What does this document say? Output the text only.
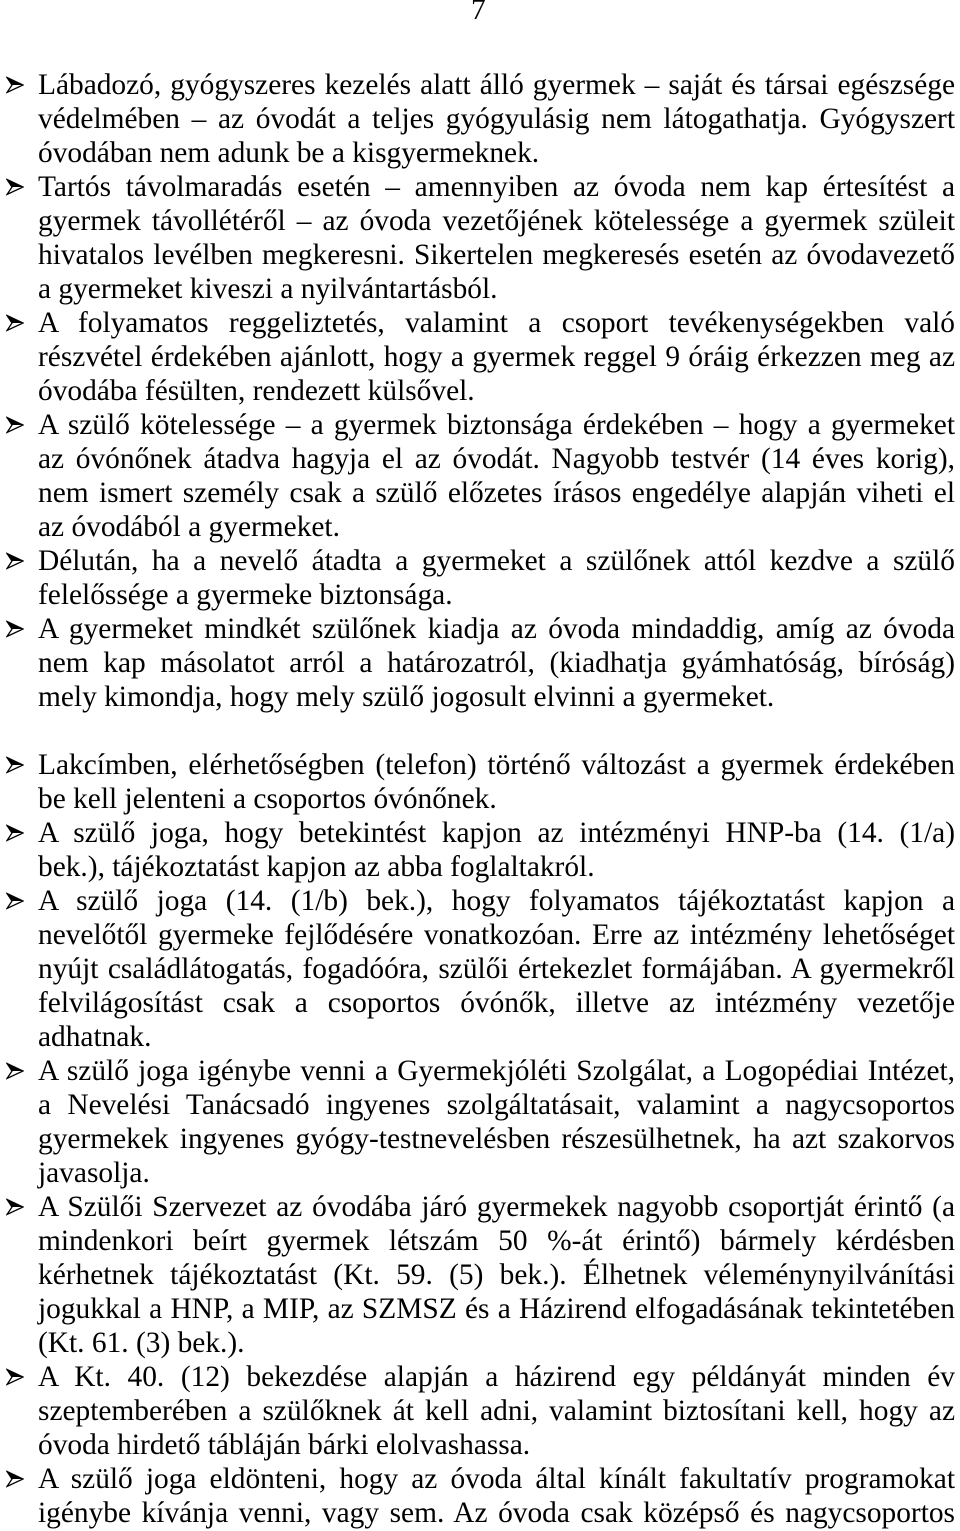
7
Lábadozó, gyógyszeres kezelés alatt álló gyermek – saját és társai egészsége
védelmében – az óvodát a teljes gyógyulásig nem látogathatja. Gyógyszert
óvodában nem adunk be a kisgyermeknek.
Tartós távolmaradás esetén – amennyiben az óvoda nem kap értesítést a
gyermek távollétéről – az óvoda vezetőjének kötelessége a gyermek szüleit
hivatalos levélben megkeresni. Sikertelen megkeresés esetén az óvodavezető
a gyermeket kiveszi a nyilvántartásból.
A folyamatos reggeliztetés, valamint a csoport tevékenységekben való
részvétel érdekében ajánlott, hogy a gyermek reggel 9 óráig érkezzen meg az
óvodába fésülten, rendezett külsővel.
A szülő kötelessége – a gyermek biztonsága érdekében – hogy a gyermeket
az óvónőnek átadva hagyja el az óvodát. Nagyobb testvér (14 éves korig),
nem ismert személy csak a szülő előzetes írásos engedélye alapján viheti el
az óvodából a gyermeket.
Délután, ha a nevelő átadta a gyermeket a szülőnek attól kezdve a szülő
felelőssége a gyermeke biztonsága.
A gyermeket mindkét szülőnek kiadja az óvoda mindaddig, amíg az óvoda
nem kap másolatot arról a határozatról, (kiadhatja gyámhatóság, bíróság)
mely kimondja, hogy mely szülő jogosult elvinni a gyermeket.
Lakcímben, elérhetőségben (telefon) történő változást a gyermek érdekében
be kell jelenteni a csoportos óvónőnek.
A szülő joga, hogy betekintést kapjon az intézményi HNP-ba (14. (1/a)
bek.), tájékoztatást kapjon az abba foglaltakról.
A szülő joga (14. (1/b) bek.), hogy folyamatos tájékoztatást kapjon a
nevelőtől gyermeke fejlődésére vonatkozóan. Erre az intézmény lehetőséget
nyújt családlátogatás, fogadóóra, szülői értekezlet formájában. A gyermekről
felvilágosítást csak a csoportos óvónők, illetve az intézmény vezetője
adhatnak.
A szülő joga igénybe venni a Gyermekjóléti Szolgálat, a Logopédiai Intézet,
a Nevelési Tanácsadó ingyenes szolgáltatásait, valamint a nagycsoportos
gyermekek ingyenes gyógy-testnevelésben részesülhetnek, ha azt szakorvos
javasolja.
A Szülői Szervezet az óvodába járó gyermekek nagyobb csoportját érintő (a
mindenkori beírt gyermek létszám 50 %-át érintő) bármely kérdésben
kérhetnek tájékoztatást (Kt. 59. (5) bek.). Élhetnek véleménynyilvánítási
jogukkal a HNP, a MIP, az SZMSZ és a Házirend elfogadásának tekintetében
(Kt. 61. (3) bek.).
A Kt. 40. (12) bekezdése alapján a házirend egy példányát minden év
szeptemberében a szülőknek át kell adni, valamint biztosítani kell, hogy az
óvoda hirdető tábláján bárki elolvashassa.
A szülő joga eldönteni, hogy az óvoda által kínált fakultatív programokat
igénybe kívánja venni, vagy sem. Az óvoda csak középső és nagycsoportos
